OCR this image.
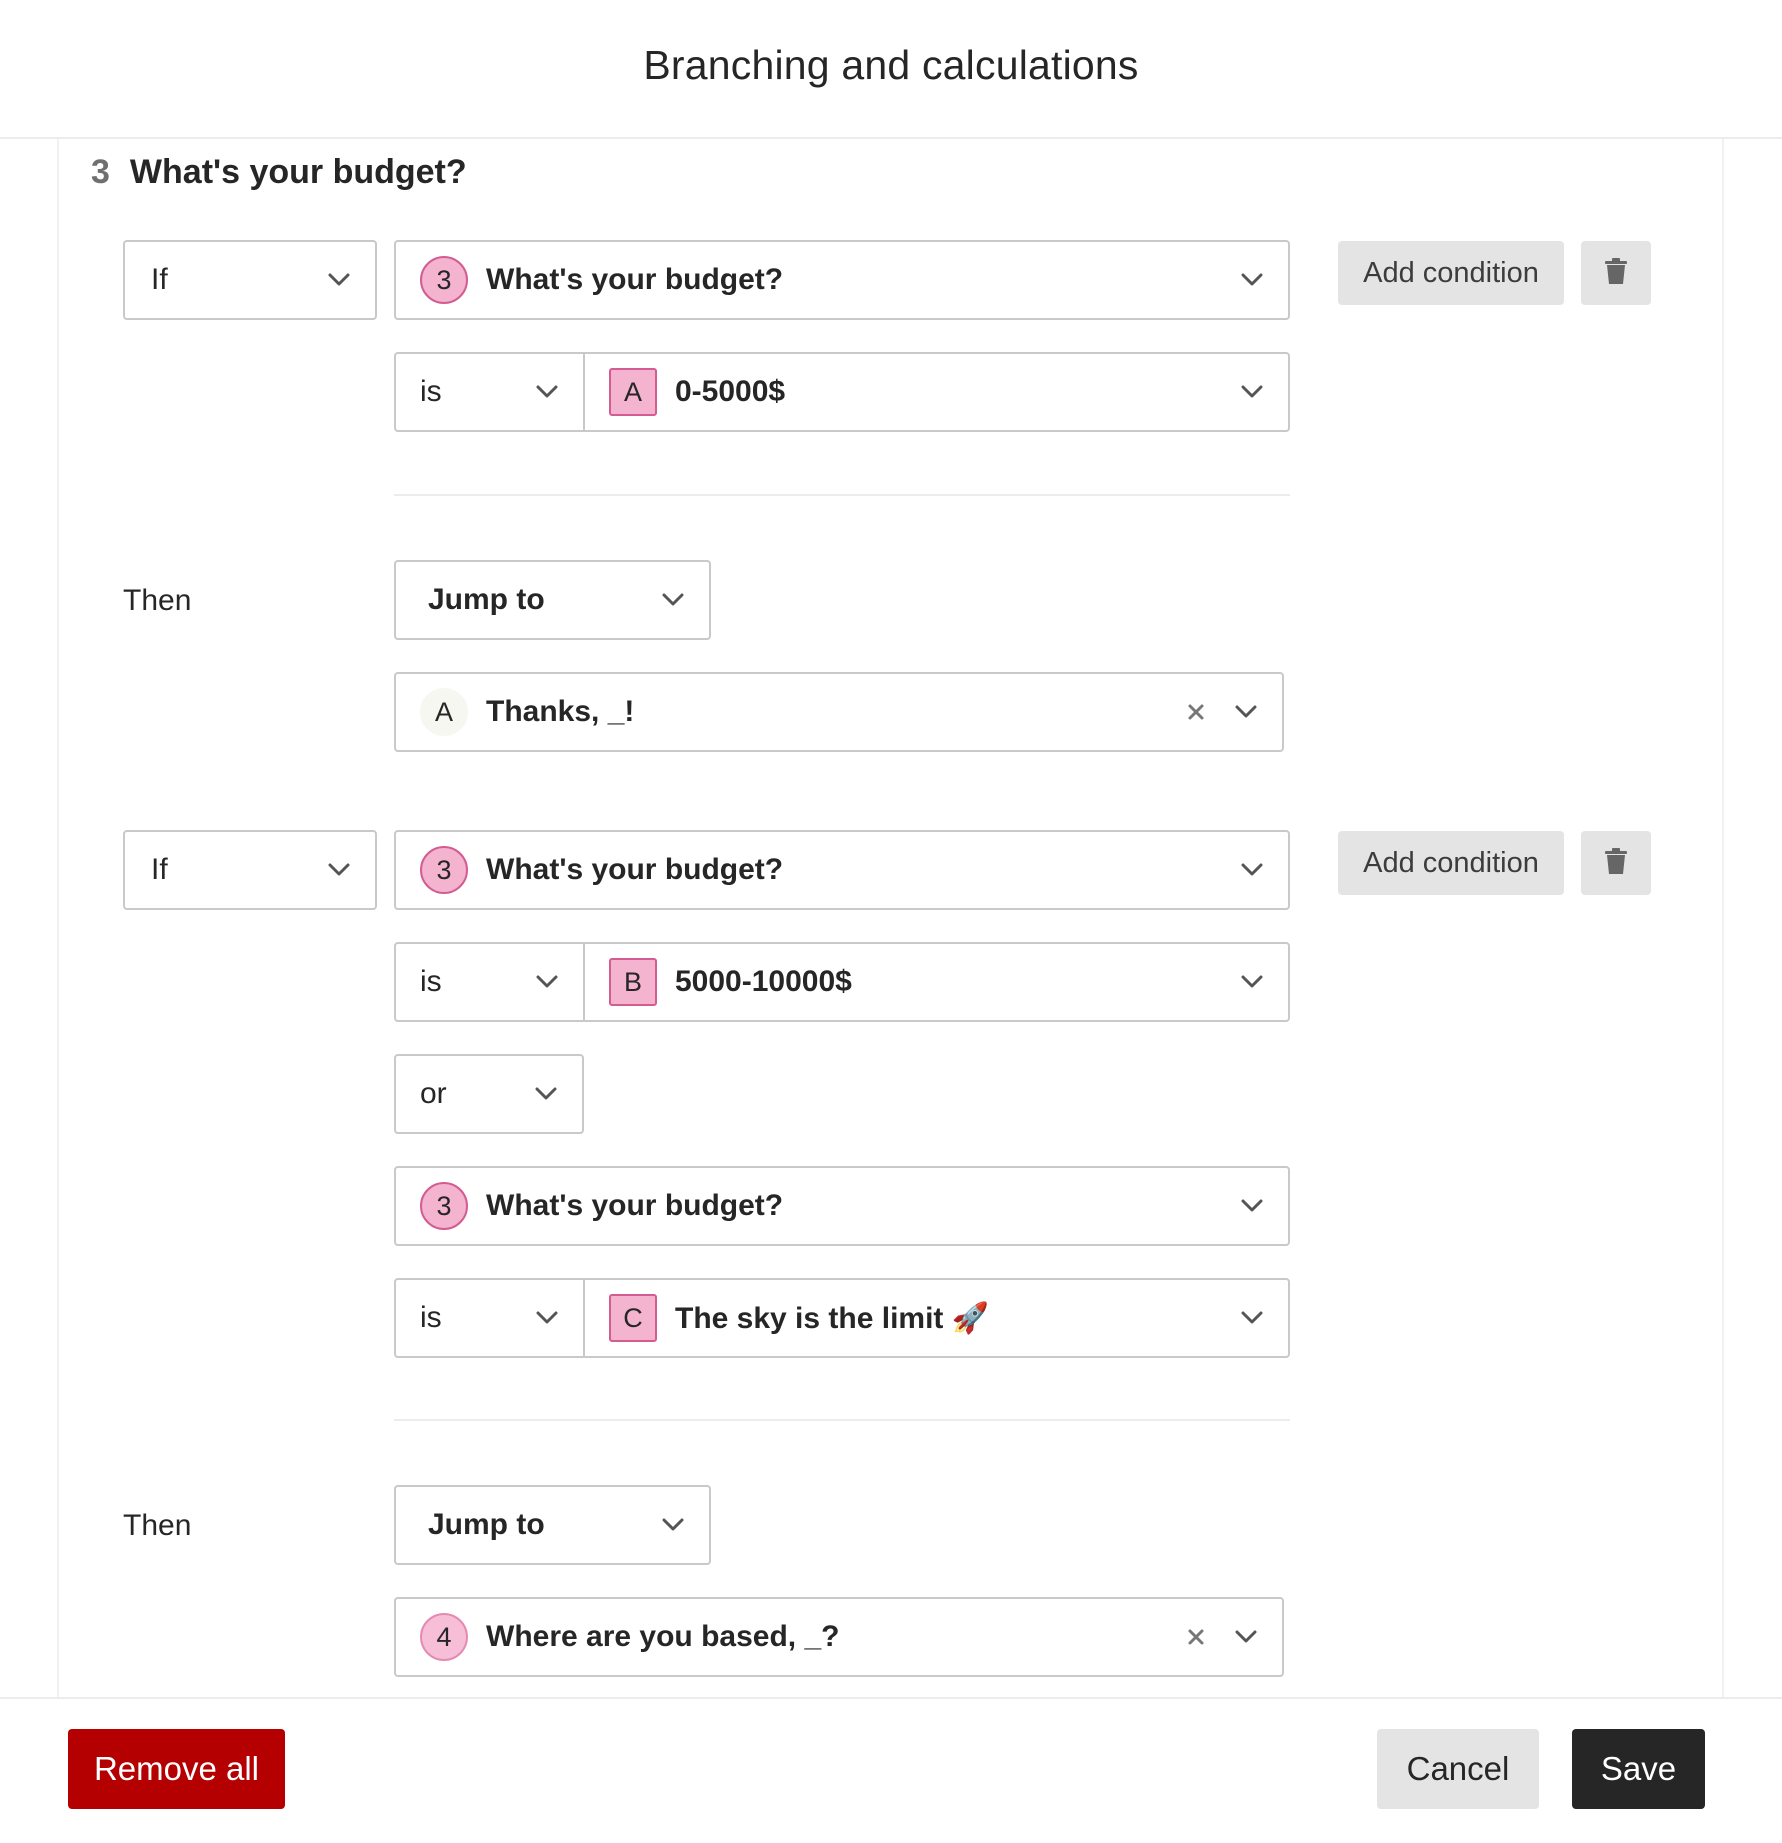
Branching and calculations
3 What's your budget?
If	3	What's your budget?	Add condition
is	A	0-5000$
Then	Jump to
A	Thanks, _!
If	3	What's your budget?	Add condition
is	B	5000-10000$
or
3	What's your budget?
is	C	The sky is the limit 🚀
Then	Jump to
4	Where are you based, _?
Remove all	Cancel	Save
